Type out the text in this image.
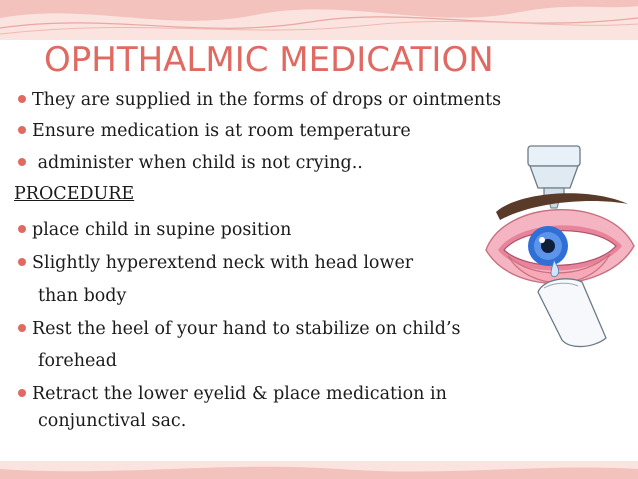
OPHTHALMIC MEDICATION
They are supplied in the forms of drops or ointments
Ensure medication is at room temperature
administer when child is not crying..
PROCEDURE
place child in supine position
Slightly hyperextend neck with head lower
than body
Rest the heel of your hand to stabilize on child’s
forehead
Retract the lower eyelid & place medication in
conjunctival sac.
